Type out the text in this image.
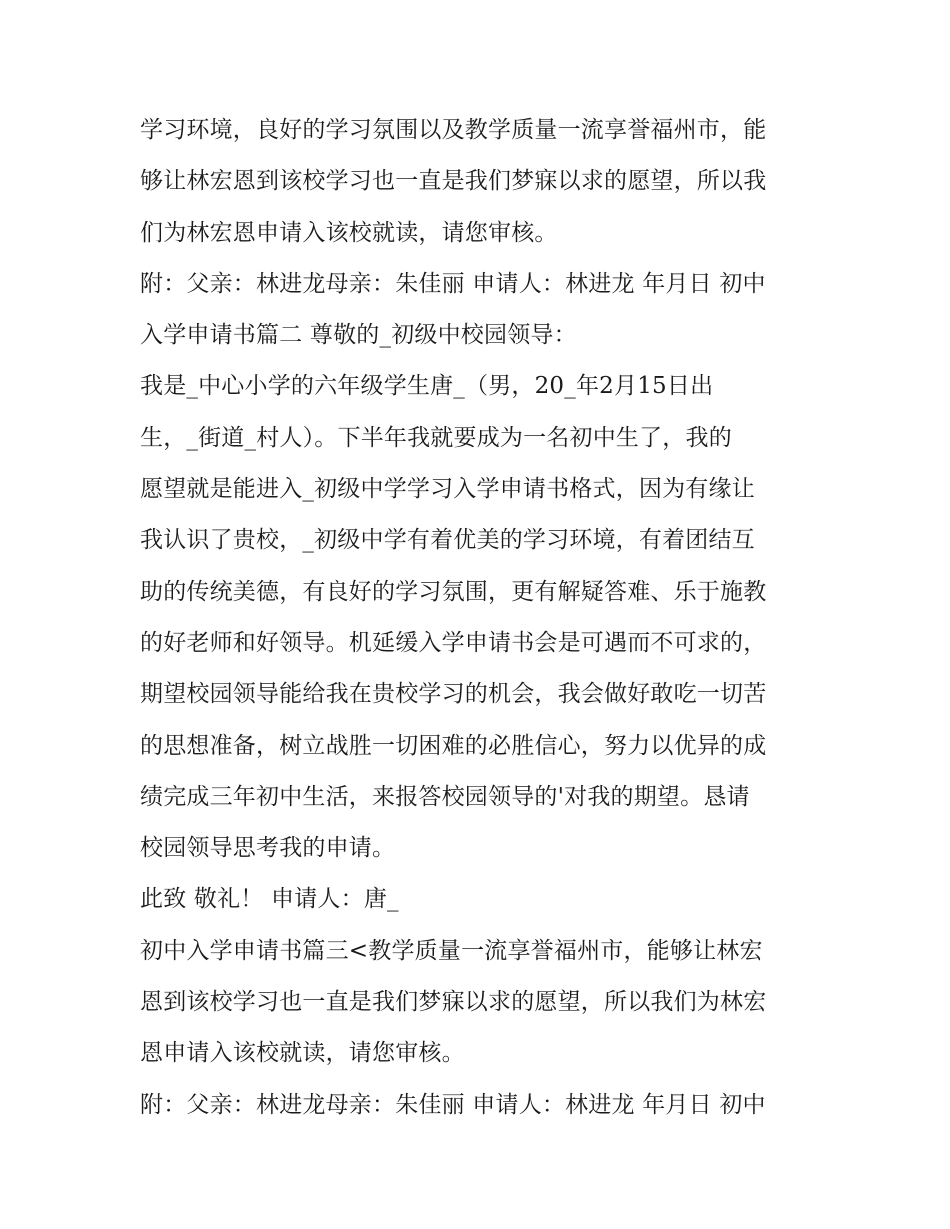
学习环境，良好的学习氛围以及教学质量一流享誉福州市，能
够让林宏恩到该校学习也一直是我们梦寐以求的愿望，所以我
们为林宏恩申请入该校就读，请您审核。
附：父亲：林进龙母亲：朱佳丽 申请人：林进龙 年月日 初中
入学申请书篇二 尊敬的_初级中校园领导：
我是_中心小学的六年级学生唐_（男，20_年2月15日出
生，_街道_村人）。下半年我就要成为一名初中生了，我的
愿望就是能进入_初级中学学习入学申请书格式，因为有缘让
我认识了贵校，_初级中学有着优美的学习环境，有着团结互
助的传统美德，有良好的学习氛围，更有解疑答难、乐于施教
的好老师和好领导。机延缓入学申请书会是可遇而不可求的，
期望校园领导能给我在贵校学习的机会，我会做好敢吃一切苦
的思想准备，树立战胜一切困难的必胜信心，努力以优异的成
绩完成三年初中生活，来报答校园领导的'对我的期望。恳请
校园领导思考我的申请。
此致 敬礼！ 申请人：唐_
初中入学申请书篇三<教学质量一流享誉福州市，能够让林宏
恩到该校学习也一直是我们梦寐以求的愿望，所以我们为林宏
恩申请入该校就读，请您审核。
附：父亲：林进龙母亲：朱佳丽 申请人：林进龙 年月日 初中
